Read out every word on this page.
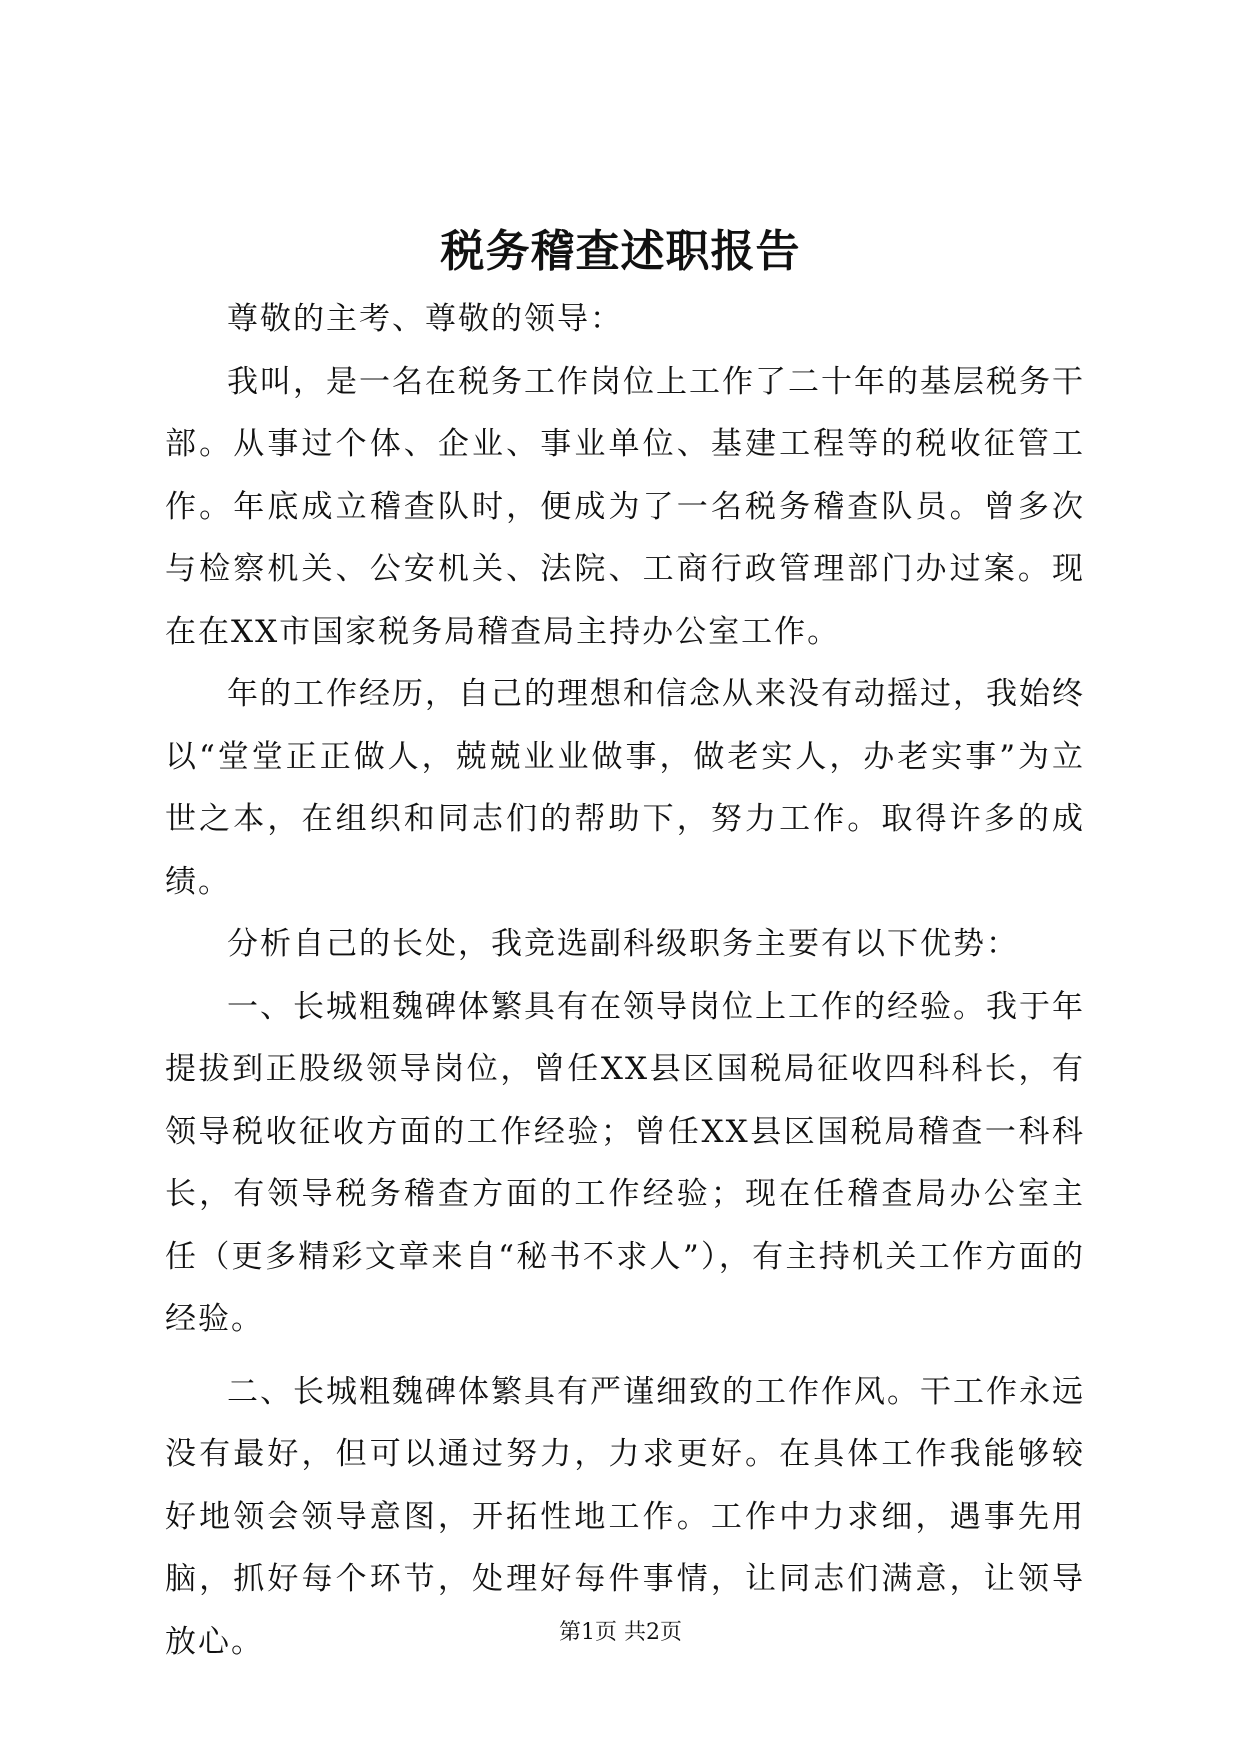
税务稽查述职报告

尊敬的主考、尊敬的领导：

我叫，是一名在税务工作岗位上工作了二十年的基层税务干部。从事过个体、企业、事业单位、基建工程等的税收征管工作。年底成立稽查队时，便成为了一名税务稽查队员。曾多次与检察机关、公安机关、法院、工商行政管理部门办过案。现在在XX市国家税务局稽查局主持办公室工作。

年的工作经历，自己的理想和信念从来没有动摇过，我始终以“堂堂正正做人，兢兢业业做事，做老实人，办老实事”为立世之本，在组织和同志们的帮助下，努力工作。取得许多的成绩。

分析自己的长处，我竞选副科级职务主要有以下优势：

一、长城粗魏碑体繁具有在领导岗位上工作的经验。我于年提拔到正股级领导岗位，曾任XX县区国税局征收四科科长，有领导税收征收方面的工作经验；曾任XX县区国税局稽查一科科长，有领导税务稽查方面的工作经验；现在任稽查局办公室主任（更多精彩文章来自“秘书不求人”），有主持机关工作方面的经验。

二、长城粗魏碑体繁具有严谨细致的工作作风。干工作永远没有最好，但可以通过努力，力求更好。在具体工作我能够较好地领会领导意图，开拓性地工作。工作中力求细，遇事先用脑，抓好每个环节，处理好每件事情，让同志们满意，让领导放心。	第1页 共2页
